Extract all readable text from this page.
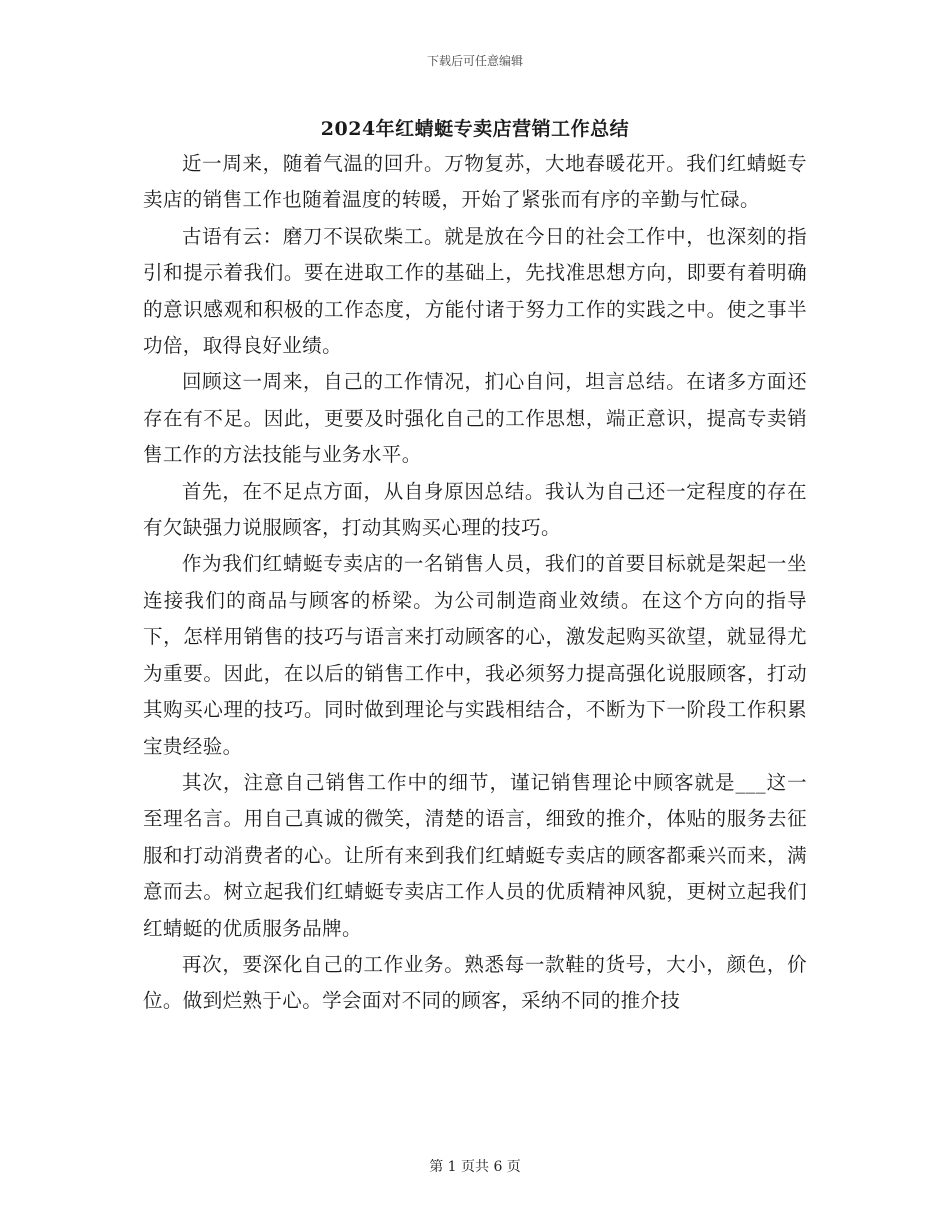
下载后可任意编辑
2024年红蜻蜓专卖店营销工作总结

近一周来，随着气温的回升。万物复苏，大地春暖花开。我们红蜻蜓专卖店的销售工作也随着温度的转暖，开始了紧张而有序的辛勤与忙碌。

古语有云：磨刀不误砍柴工。就是放在今日的社会工作中，也深刻的指引和提示着我们。要在进取工作的基础上，先找准思想方向，即要有着明确的意识感观和积极的工作态度，方能付诸于努力工作的实践之中。使之事半功倍，取得良好业绩。

回顾这一周来，自己的工作情况，扪心自问，坦言总结。在诸多方面还存在有不足。因此，更要及时强化自己的工作思想，端正意识，提高专卖销售工作的方法技能与业务水平。

首先，在不足点方面，从自身原因总结。我认为自己还一定程度的存在有欠缺强力说服顾客，打动其购买心理的技巧。

作为我们红蜻蜓专卖店的一名销售人员，我们的首要目标就是架起一坐连接我们的商品与顾客的桥梁。为公司制造商业效绩。在这个方向的指导下，怎样用销售的技巧与语言来打动顾客的心，激发起购买欲望，就显得尤为重要。因此，在以后的销售工作中，我必须努力提高强化说服顾客，打动其购买心理的技巧。同时做到理论与实践相结合，不断为下一阶段工作积累宝贵经验。

其次，注意自己销售工作中的细节，谨记销售理论中顾客就是___这一至理名言。用自己真诚的微笑，清楚的语言，细致的推介，体贴的服务去征服和打动消费者的心。让所有来到我们红蜻蜓专卖店的顾客都乘兴而来，满意而去。树立起我们红蜻蜓专卖店工作人员的优质精神风貌，更树立起我们红蜻蜓的优质服务品牌。

再次，要深化自己的工作业务。熟悉每一款鞋的货号，大小，颜色，价位。做到烂熟于心。学会面对不同的顾客，采纳不同的推介技

第 1 页共 6 页
